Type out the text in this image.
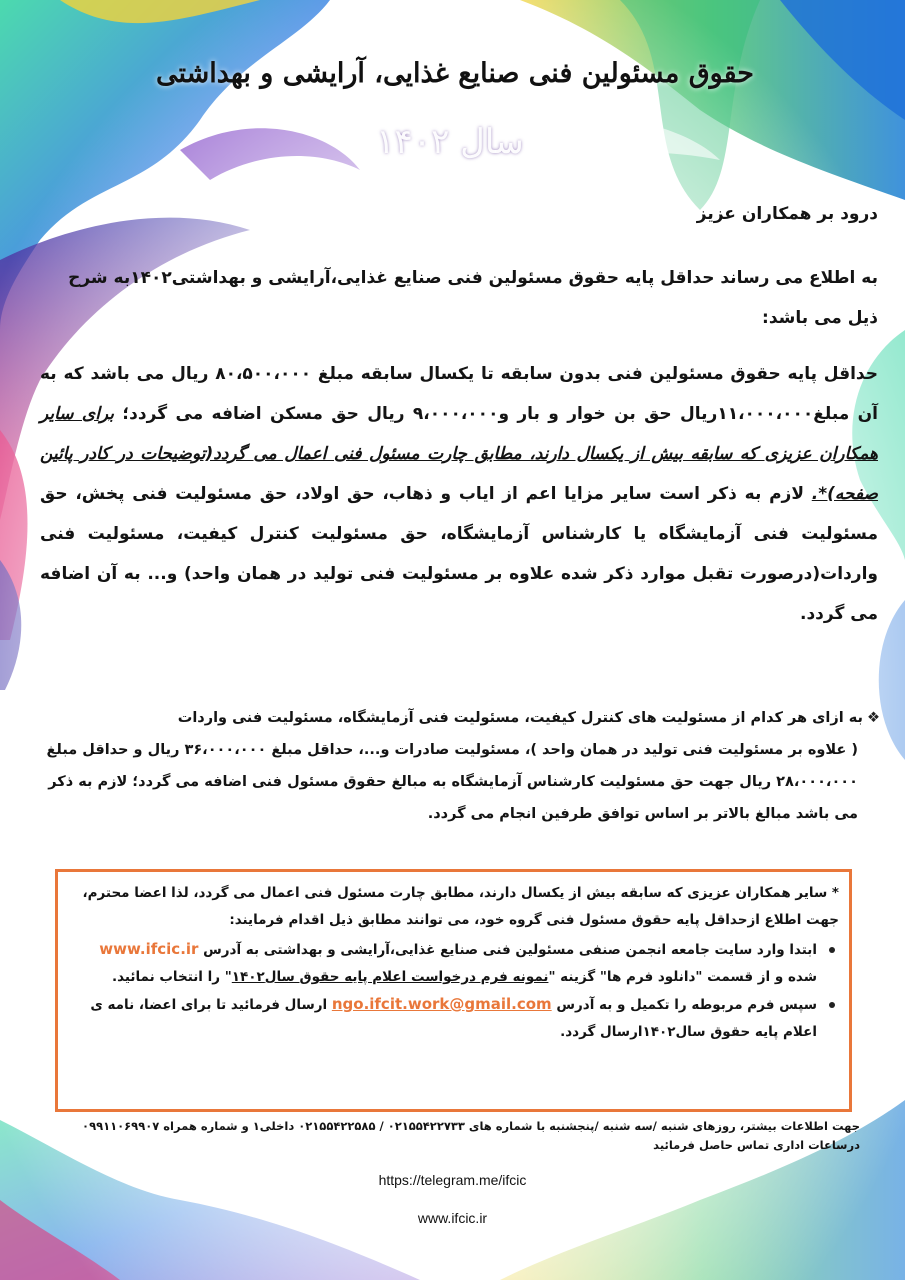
حقوق مسئولین فنی صنایع غذایی، آرایشی و بهداشتی
سال ۱۴۰۲
درود بر همکاران عزیز
به اطلاع می رساند حداقل پایه حقوق مسئولین فنی صنایع غذایی،آرایشی و بهداشتی۱۴۰۲به شرح ذیل می باشد:
حداقل پایه حقوق مسئولین فنی بدون سابقه تا یکسال سابقه مبلغ ۸۰،۵۰۰،۰۰۰ ریال می باشد که به آن مبلغ۱۱،۰۰۰،۰۰۰ریال حق بن خوار و بار و۹،۰۰۰،۰۰۰ ریال حق مسکن اضافه می گردد؛ برای سایر همکاران عزیزی که سابقه بیش از یکسال دارند، مطابق چارت مسئول فنی اعمال می گردد(توضیحات در کادر پائین صفحه)*. لازم به ذکر است سایر مزایا اعم از ایاب و ذهاب، حق اولاد، حق مسئولیت فنی پخش، حق مسئولیت فنی آزمایشگاه یا کارشناس آزمایشگاه، حق مسئولیت کنترل کیفیت، مسئولیت فنی واردات(درصورت تقبل موارد ذکر شده علاوه بر مسئولیت فنی تولید در همان واحد) و... به آن اضافه می گردد.
❖به ازای هر کدام از مسئولیت های کنترل کیفیت، مسئولیت فنی آزمایشگاه، مسئولیت فنی واردات
( علاوه بر مسئولیت فنی تولید در همان واحد )، مسئولیت صادرات و...، حداقل مبلغ ۳۶،۰۰۰،۰۰۰ ریال و حداقل مبلغ ۲۸،۰۰۰،۰۰۰ ریال جهت حق مسئولیت کارشناس آزمایشگاه به مبالغ حقوق مسئول فنی اضافه می گردد؛ لازم به ذکر می باشد مبالغ بالاتر بر اساس توافق طرفین انجام می گردد.
* سایر همکاران عزیزی که سابقه بیش از یکسال دارند، مطابق چارت مسئول فنی اعمال می گردد، لذا اعضا محترم، جهت اطلاع ازحداقل پایه حقوق مسئول فنی گروه خود، می توانند مطابق ذیل اقدام فرمایند:
ابتدا وارد سایت جامعه انجمن صنفی مسئولین فنی صنایع غذایی،آرایشی و بهداشتی به آدرس www.ifcic.ir شده و از قسمت "دانلود فرم ها" گزینه "نمونه فرم درخواست اعلام پایه حقوق سال۱۴۰۲" را انتخاب نمائید.
سپس فرم مربوطه را تکمیل و به آدرس ngo.ifcit.work@gmail.com ارسال فرمائید تا برای اعضا، نامه ی اعلام پایه حقوق سال۱۴۰۲ارسال گردد.
جهت اطلاعات بیشتر، روزهای شنبه /سه شنبه /پنجشنبه با شماره های ۰۲۱۵۵۴۲۲۷۳۳ / ۰۲۱۵۵۴۲۲۵۸۵ داخلی۱ و شماره همراه ۰۹۹۱۱۰۶۹۹۰۷ درساعات اداری تماس حاصل فرمائید
https://telegram.me/ifcic
www.ifcic.ir
